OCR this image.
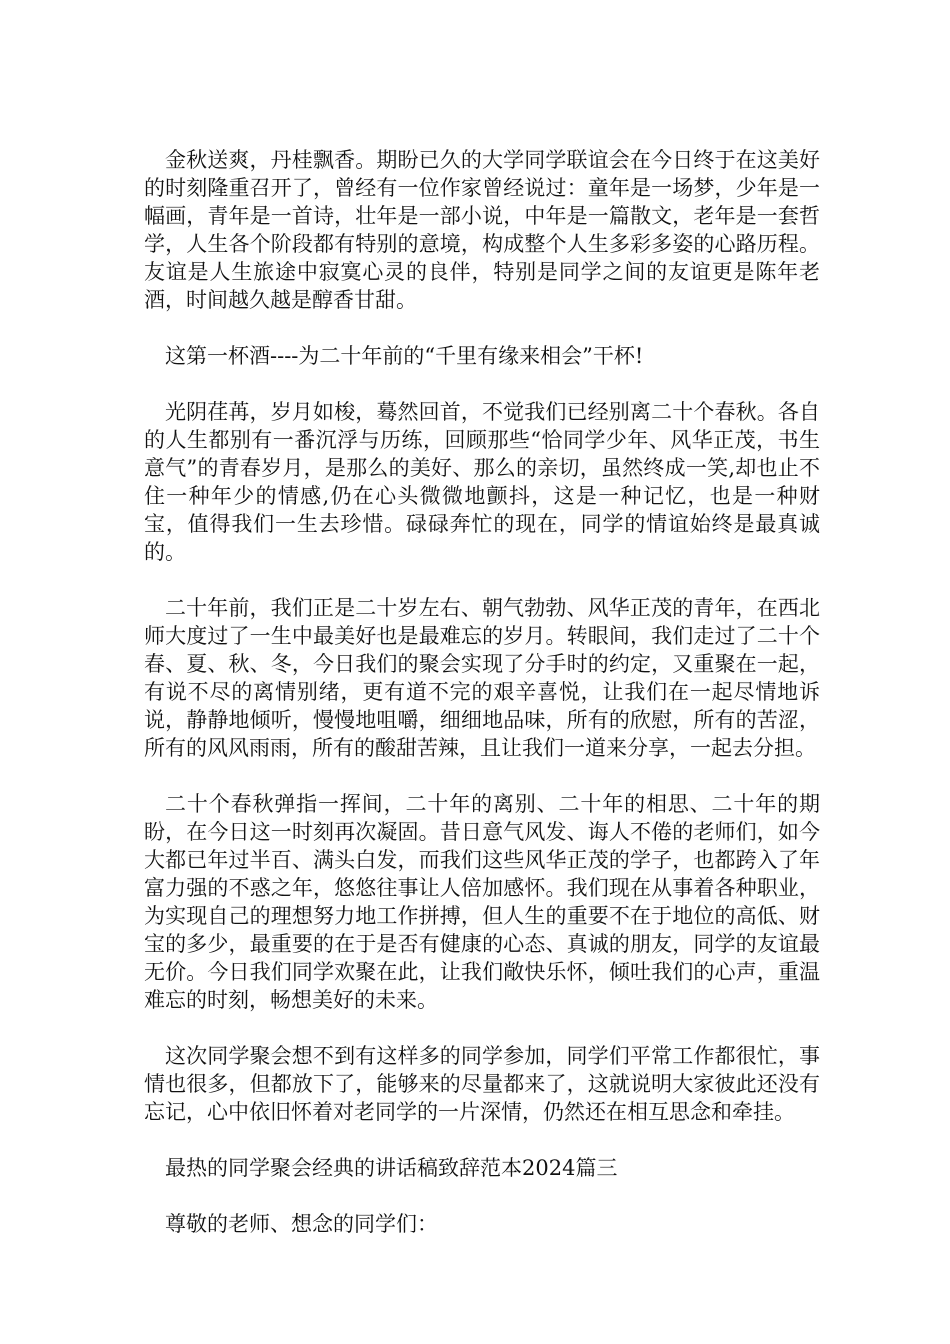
金秋送爽，丹桂飘香。期盼已久的大学同学联谊会在今日终于在这美好的时刻隆重召开了，曾经有一位作家曾经说过：童年是一场梦，少年是一幅画，青年是一首诗，壮年是一部小说，中年是一篇散文，老年是一套哲学，人生各个阶段都有特别的意境，构成整个人生多彩多姿的心路历程。友谊是人生旅途中寂寞心灵的良伴，特别是同学之间的友谊更是陈年老酒，时间越久越是醇香甘甜。

这第一杯酒----为二十年前的“千里有缘来相会”干杯!

光阴荏苒，岁月如梭，蓦然回首，不觉我们已经别离二十个春秋。各自的人生都别有一番沉浮与历练，回顾那些“恰同学少年、风华正茂，书生意气”的青春岁月，是那么的美好、那么的亲切，虽然终成一笑,却也止不住一种年少的情感,仍在心头微微地颤抖，这是一种记忆，也是一种财宝，值得我们一生去珍惜。碌碌奔忙的现在，同学的情谊始终是最真诚的。

二十年前，我们正是二十岁左右、朝气勃勃、风华正茂的青年，在西北师大度过了一生中最美好也是最难忘的岁月。转眼间，我们走过了二十个春、夏、秋、冬，今日我们的聚会实现了分手时的约定，又重聚在一起，有说不尽的离情别绪，更有道不完的艰辛喜悦，让我们在一起尽情地诉说，静静地倾听，慢慢地咀嚼，细细地品味，所有的欣慰，所有的苦涩，所有的风风雨雨，所有的酸甜苦辣，且让我们一道来分享，一起去分担。

二十个春秋弹指一挥间，二十年的离别、二十年的相思、二十年的期盼，在今日这一时刻再次凝固。昔日意气风发、诲人不倦的老师们，如今大都已年过半百、满头白发，而我们这些风华正茂的学子，也都跨入了年富力强的不惑之年，悠悠往事让人倍加感怀。我们现在从事着各种职业，为实现自己的理想努力地工作拼搏，但人生的重要不在于地位的高低、财宝的多少，最重要的在于是否有健康的心态、真诚的朋友，同学的友谊最无价。今日我们同学欢聚在此，让我们敞快乐怀，倾吐我们的心声，重温难忘的时刻，畅想美好的未来。

这次同学聚会想不到有这样多的同学参加，同学们平常工作都很忙，事情也很多，但都放下了，能够来的尽量都来了，这就说明大家彼此还没有忘记，心中依旧怀着对老同学的一片深情，仍然还在相互思念和牵挂。

最热的同学聚会经典的讲话稿致辞范本2024篇三

尊敬的老师、想念的同学们：
